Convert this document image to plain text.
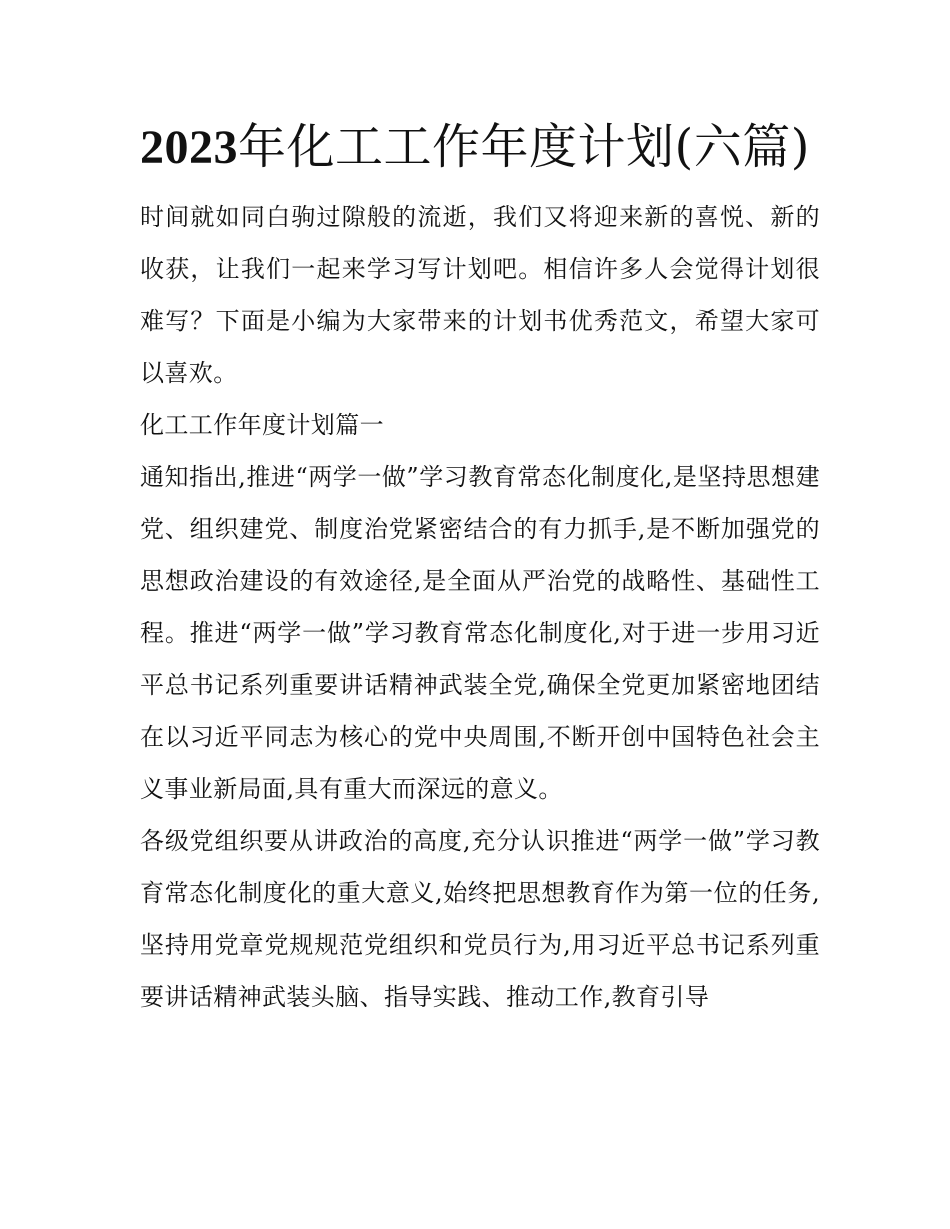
2023年化工工作年度计划(六篇)

时间就如同白驹过隙般的流逝，我们又将迎来新的喜悦、新的收获，让我们一起来学习写计划吧。相信许多人会觉得计划很难写？下面是小编为大家带来的计划书优秀范文，希望大家可以喜欢。

化工工作年度计划篇一

通知指出,推进“两学一做”学习教育常态化制度化,是坚持思想建党、组织建党、制度治党紧密结合的有力抓手,是不断加强党的思想政治建设的有效途径,是全面从严治党的战略性、基础性工程。推进“两学一做”学习教育常态化制度化,对于进一步用习近平总书记系列重要讲话精神武装全党,确保全党更加紧密地团结在以习近平同志为核心的党中央周围,不断开创中国特色社会主义事业新局面,具有重大而深远的意义。

各级党组织要从讲政治的高度,充分认识推进“两学一做”学习教育常态化制度化的重大意义,始终把思想教育作为第一位的任务,坚持用党章党规规范党组织和党员行为,用习近平总书记系列重要讲话精神武装头脑、指导实践、推动工作,教育引导
